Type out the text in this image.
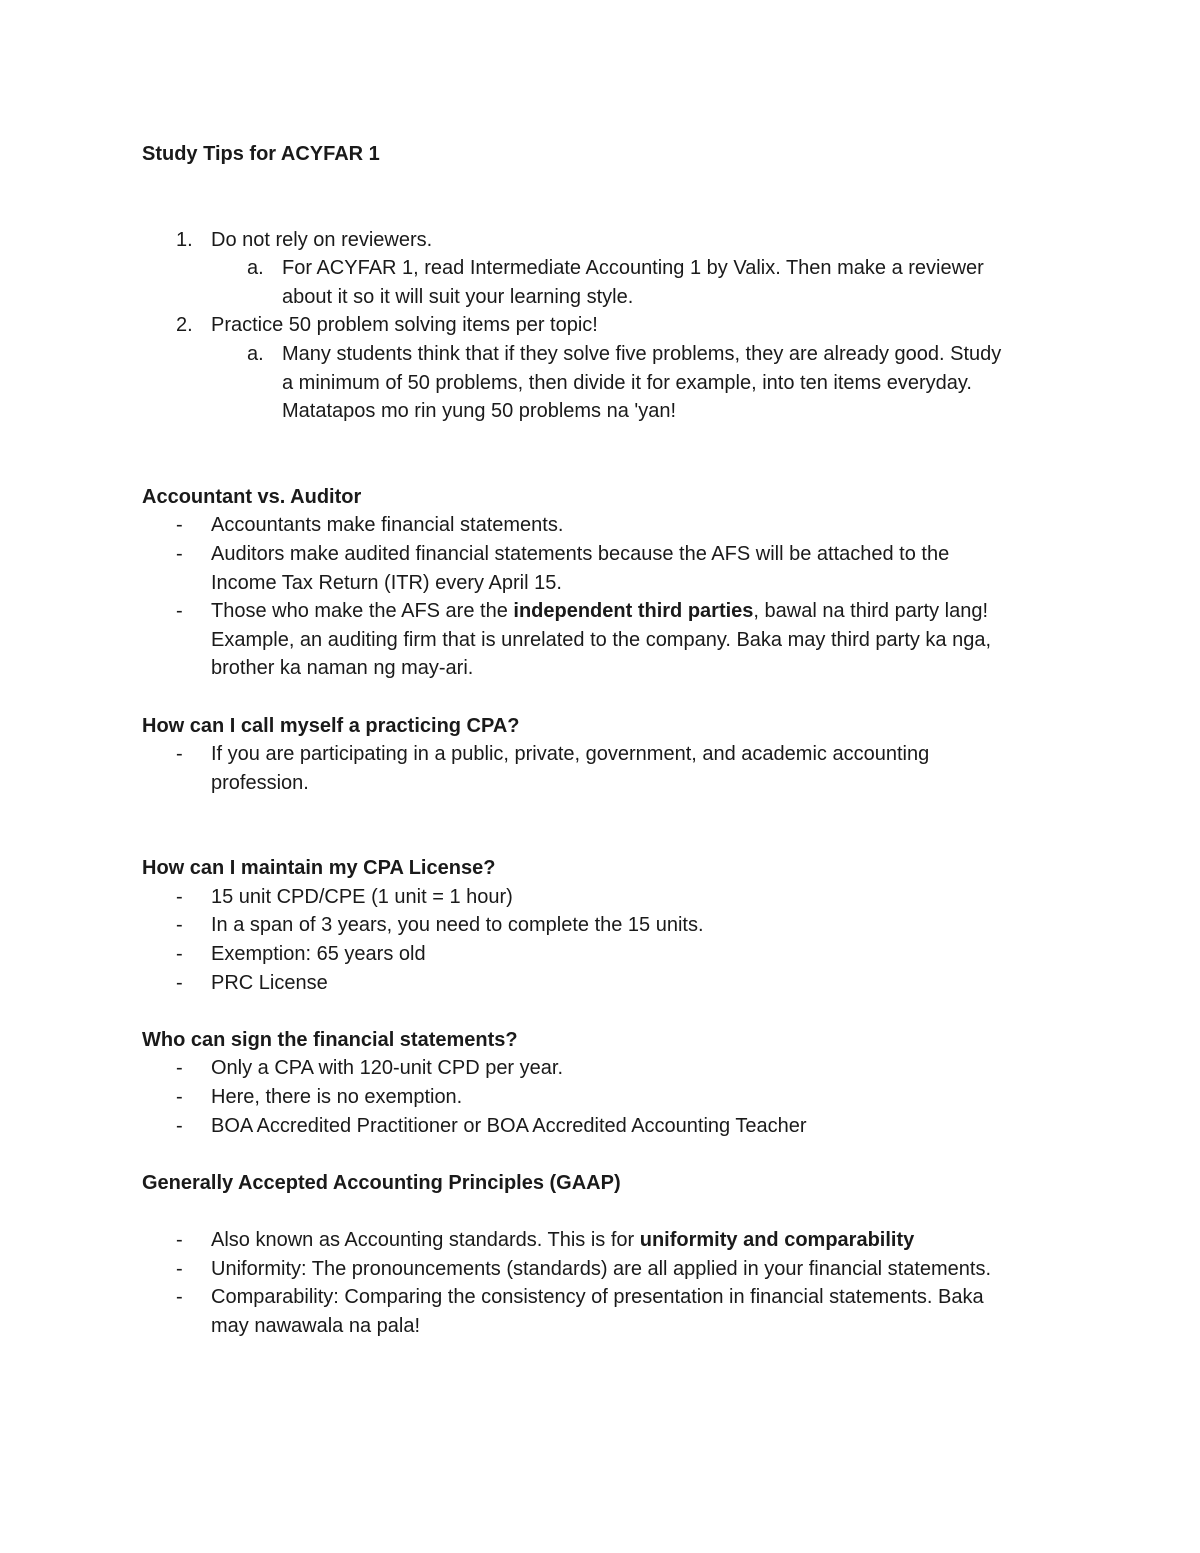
Study Tips for ACYFAR 1
1. Do not rely on reviewers.
a. For ACYFAR 1, read Intermediate Accounting 1 by Valix. Then make a reviewer
about it so it will suit your learning style.
2. Practice 50 problem solving items per topic!
a. Many students think that if they solve five problems, they are already good. Study
a minimum of 50 problems, then divide it for example, into ten items everyday.
Matatapos mo rin yung 50 problems na 'yan!
Accountant vs. Auditor
- Accountants make financial statements.
- Auditors make audited financial statements because the AFS will be attached to the
Income Tax Return (ITR) every April 15.
- Those who make the AFS are the independent third parties, bawal na third party lang!
Example, an auditing firm that is unrelated to the company. Baka may third party ka nga,
brother ka naman ng may-ari.
How can I call myself a practicing CPA?
- If you are participating in a public, private, government, and academic accounting
profession.
How can I maintain my CPA License?
- 15 unit CPD/CPE (1 unit = 1 hour)
- In a span of 3 years, you need to complete the 15 units.
- Exemption: 65 years old
- PRC License
Who can sign the financial statements?
- Only a CPA with 120-unit CPD per year.
- Here, there is no exemption.
- BOA Accredited Practitioner or BOA Accredited Accounting Teacher
Generally Accepted Accounting Principles (GAAP)
- Also known as Accounting standards. This is for uniformity and comparability
- Uniformity: The pronouncements (standards) are all applied in your financial statements.
- Comparability: Comparing the consistency of presentation in financial statements. Baka
may nawawala na pala!
